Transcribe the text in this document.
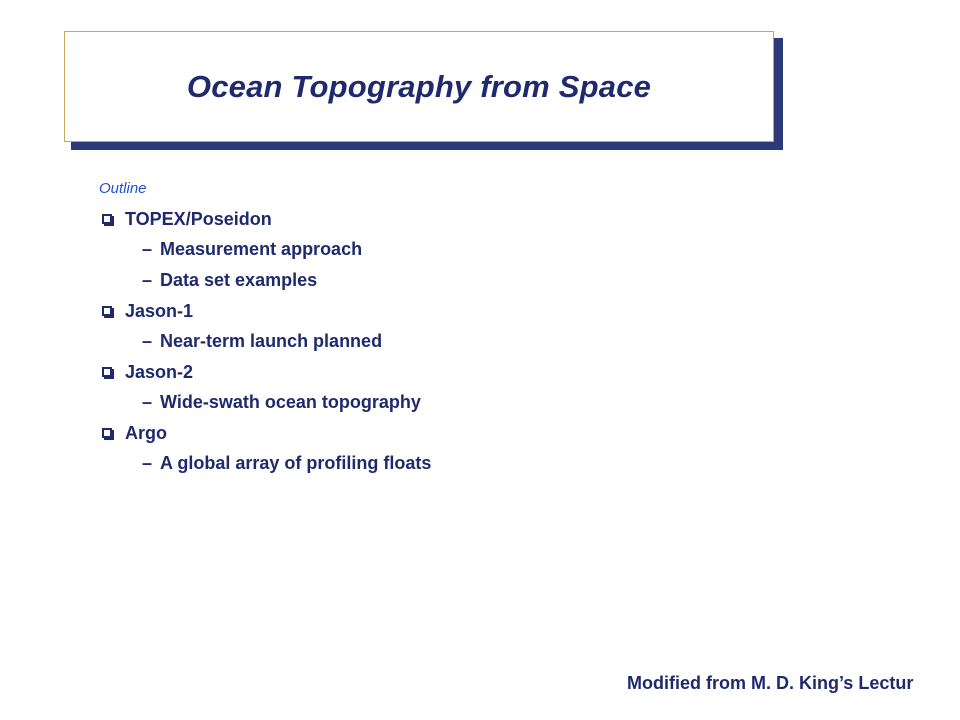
Ocean Topography from Space
Outline
TOPEX/Poseidon
– Measurement approach
– Data set examples
Jason-1
– Near-term launch planned
Jason-2
– Wide-swath ocean topography
Argo
– A global array of profiling floats
Modified from M. D. King’s Lectur
